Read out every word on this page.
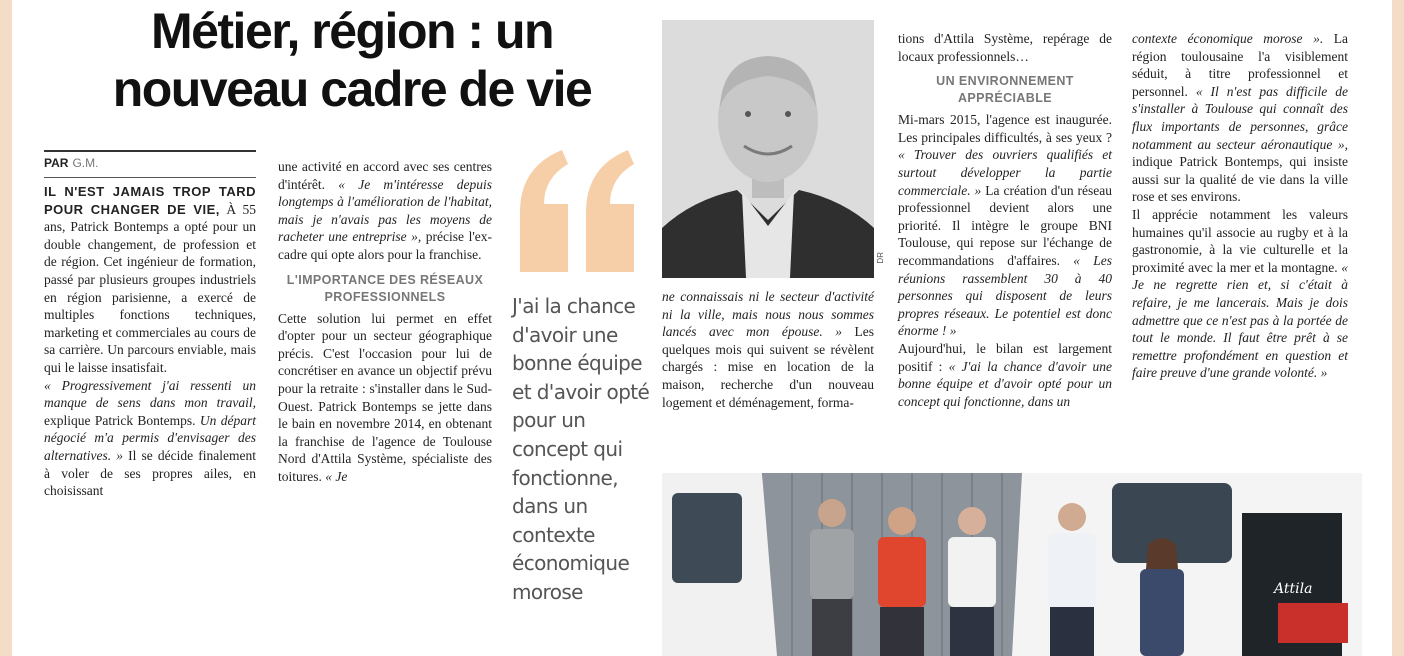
Métier, région : un
nouveau cadre de vie
PAR G.M.

IL N'EST JAMAIS TROP TARD POUR CHANGER DE VIE, À 55 ans, Patrick Bontemps a opté pour un double changement, de profession et de région. Cet ingénieur de formation, passé par plusieurs groupes industriels en région parisienne, a exercé de multiples fonctions techniques, marketing et commerciales au cours de sa carrière. Un parcours enviable, mais qui le laisse insatisfait.

« Progressivement j'ai ressenti un manque de sens dans mon travail, explique Patrick Bontemps. Un départ négocié m'a permis d'envisager des alternatives. » Il se décide finalement à voler de ses propres ailes, en choisissant

une activité en accord avec ses centres d'intérêt. « Je m'intéresse depuis longtemps à l'amélioration de l'habitat, mais je n'avais pas les moyens de racheter une entreprise », précise l'ex-cadre qui opte alors pour la franchise.

L'IMPORTANCE DES RÉSEAUX PROFESSIONNELS

Cette solution lui permet en effet d'opter pour un secteur géographique précis. C'est l'occasion pour lui de concrétiser en avance un objectif prévu pour la retraite : s'installer dans le Sud-Ouest. Patrick Bontemps se jette dans le bain en novembre 2014, en obtenant la franchise de l'agence de Toulouse Nord d'Attila Système, spécialiste des toitures. « Je

J'ai la chance d'avoir une bonne équipe et d'avoir opté pour un concept qui fonctionne, dans un contexte économique morose

DR

ne connaissais ni le secteur d'activité ni la ville, mais nous nous sommes lancés avec mon épouse. » Les quelques mois qui suivent se révèlent chargés : mise en location de la maison, recherche d'un nouveau logement et déménagement, forma-

tions d'Attila Système, repérage de locaux professionnels…

UN ENVIRONNEMENT APPRÉCIABLE

Mi-mars 2015, l'agence est inaugurée. Les principales difficultés, à ses yeux ? « Trouver des ouvriers qualifiés et surtout développer la partie commerciale. » La création d'un réseau professionnel devient alors une priorité. Il intègre le groupe BNI Toulouse, qui repose sur l'échange de recommandations d'affaires. « Les réunions rassemblent 30 à 40 personnes qui disposent de leurs propres réseaux. Le potentiel est donc énorme ! »

Aujourd'hui, le bilan est largement positif : « J'ai la chance d'avoir une bonne équipe et d'avoir opté pour un concept qui fonctionne, dans un

contexte économique morose ». La région toulousaine l'a visiblement séduit, à titre professionnel et personnel. « Il n'est pas difficile de s'installer à Toulouse qui connaît des flux importants de personnes, grâce notamment au secteur aéronautique », indique Patrick Bontemps, qui insiste aussi sur la qualité de vie dans la ville rose et ses environs.

Il apprécie notamment les valeurs humaines qu'il associe au rugby et à la gastronomie, à la vie culturelle et la proximité avec la mer et la montagne. « Je ne regrette rien et, si c'était à refaire, je me lancerais. Mais je dois admettre que ce n'est pas à la portée de tout le monde. Il faut être prêt à se remettre profondément en question et faire preuve d'une grande volonté. »

Attila
